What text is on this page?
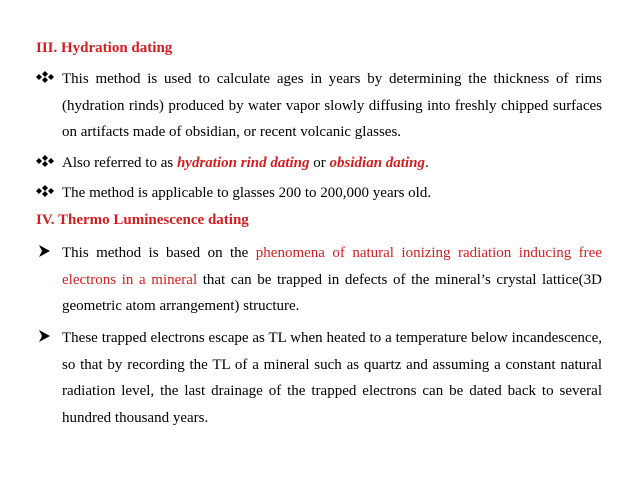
III. Hydration dating
This method is used to calculate ages in years by determining the thickness of rims (hydration rinds) produced by water vapor slowly diffusing into freshly chipped surfaces on artifacts made of obsidian, or recent volcanic glasses.
Also referred to as hydration rind dating or obsidian dating.
The method is applicable to glasses 200 to 200,000 years old.
IV. Thermo Luminescence dating
This method is based on the phenomena of natural ionizing radiation inducing free electrons in a mineral that can be trapped in defects of the mineral’s crystal lattice(3D geometric atom arrangement) structure.
These trapped electrons escape as TL when heated to a temperature below incandescence, so that by recording the TL of a mineral such as quartz and assuming a constant natural radiation level, the last drainage of the trapped electrons can be dated back to several hundred thousand years.
